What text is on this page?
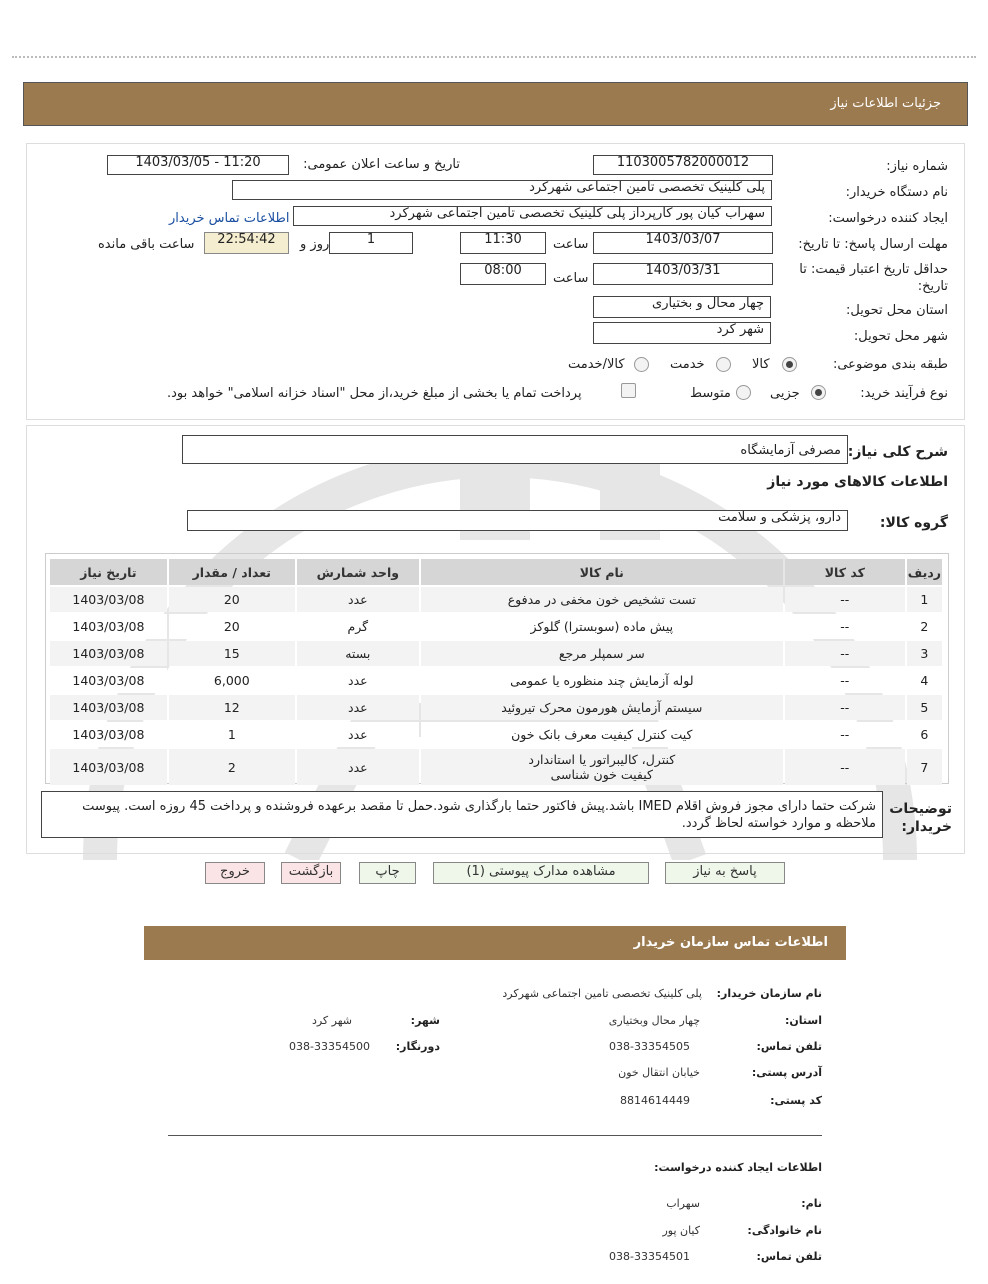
جزئیات اطلاعات نیاز
شماره نیاز:
1103005782000012
تاریخ و ساعت اعلان عمومی:
1403/03/05 - 11:20
نام دستگاه خریدار:
پلی کلینیک تخصصی تامین اجتماعی شهرکرد
ایجاد کننده درخواست:
سهراب کیان پور کارپرداز پلی کلینیک تخصصی تامین اجتماعی شهرکرد
اطلاعات تماس خریدار
مهلت ارسال پاسخ: تا تاریخ:
1403/03/07
ساعت
11:30
1
روز و
22:54:42
ساعت باقی مانده
حداقل تاریخ اعتبار قیمت: تا تاریخ:
1403/03/31
ساعت
08:00
استان محل تحویل:
چهار محال و بختیاری
شهر محل تحویل:
شهر کرد
طبقه بندی موضوعی:
کالا
خدمت
کالا/خدمت
نوع فرآیند خرید:
جزیی
متوسط
پرداخت تمام یا بخشی از مبلغ خرید،از محل "اسناد خزانه اسلامی" خواهد بود.
شرح کلی نیاز:
مصرفی آزمایشگاه
اطلاعات کالاهای مورد نیاز
گروه کالا:
دارو، پزشکی و سلامت
ردیف	کد کالا	نام کالا	واحد شمارش	تعداد / مقدار	تاریخ نیاز
1	--	تست تشخیص خون مخفی در مدفوع	عدد	20	1403/03/08
2	--	پیش ماده (سوبسترا) گلوکز	گرم	20	1403/03/08
3	--	سر سمپلر مرجع	بسته	15	1403/03/08
4	--	لوله آزمایش چند منظوره یا عمومی	عدد	6,000	1403/03/08
5	--	سیستم آزمایش هورمون محرک تیروئید	عدد	12	1403/03/08
6	--	کیت کنترل کیفیت معرف بانک خون	عدد	1	1403/03/08
7	--	کنترل، کالیبراتور یا استاندارد کیفیت خون شناسی	عدد	2	1403/03/08
توضیحات خریدار:
شرکت حتما دارای مجوز فروش اقلام IMED باشد.پیش فاکتور حتما بارگذاری شود.حمل تا مقصد برعهده فروشنده و پرداخت 45 روزه است. پیوست ملاحظه و موارد خواسته لحاظ گردد.
پاسخ به نیاز
مشاهده مدارک پیوستی (1)
چاپ
بازگشت
خروج
اطلاعات تماس سازمان خریدار
نام سازمان خریدار:
پلی کلینیک تخصصی تامین اجتماعی شهرکرد
استان:
چهار محال وبختیاری
شهر:
شهر کرد
تلفن تماس:
038-33354505
دورنگار:
038-33354500
آدرس پستی:
خیابان انتقال خون
کد پستی:
8814614449
اطلاعات ایجاد کننده درخواست:
نام:
سهراب
نام خانوادگی:
کیان پور
تلفن تماس:
038-33354501
